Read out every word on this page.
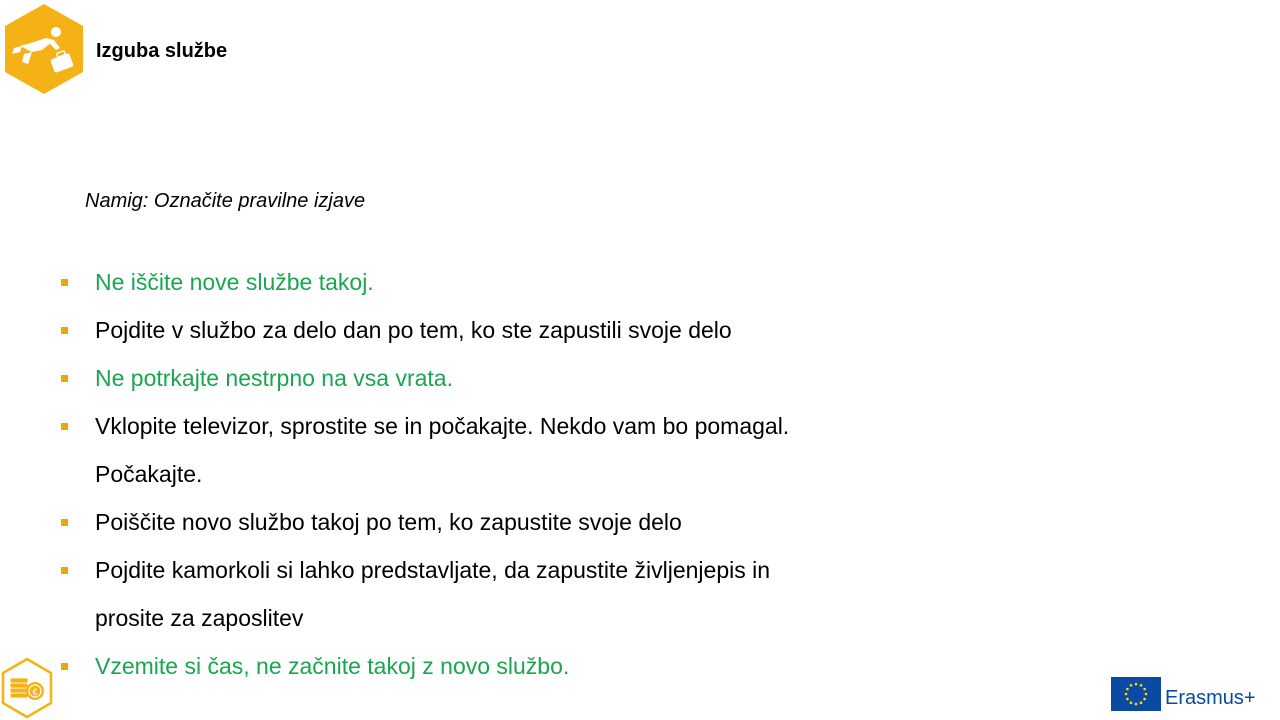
Izguba službe
Namig: Označite pravilne izjave
Ne iščite nove službe takoj.
Pojdite v službo za delo dan po tem, ko ste zapustili svoje delo
Ne potrkajte nestrpno na vsa vrata.
Vklopite televizor, sprostite se in počakajte. Nekdo vam bo pomagal.
Počakajte.
Poiščite novo službo takoj po tem, ko zapustite svoje delo
Pojdite kamorkoli si lahko predstavljate, da zapustite življenjepis in
prosite za zaposlitev
Vzemite si čas, ne začnite takoj z novo službo.
€	Erasmus+
